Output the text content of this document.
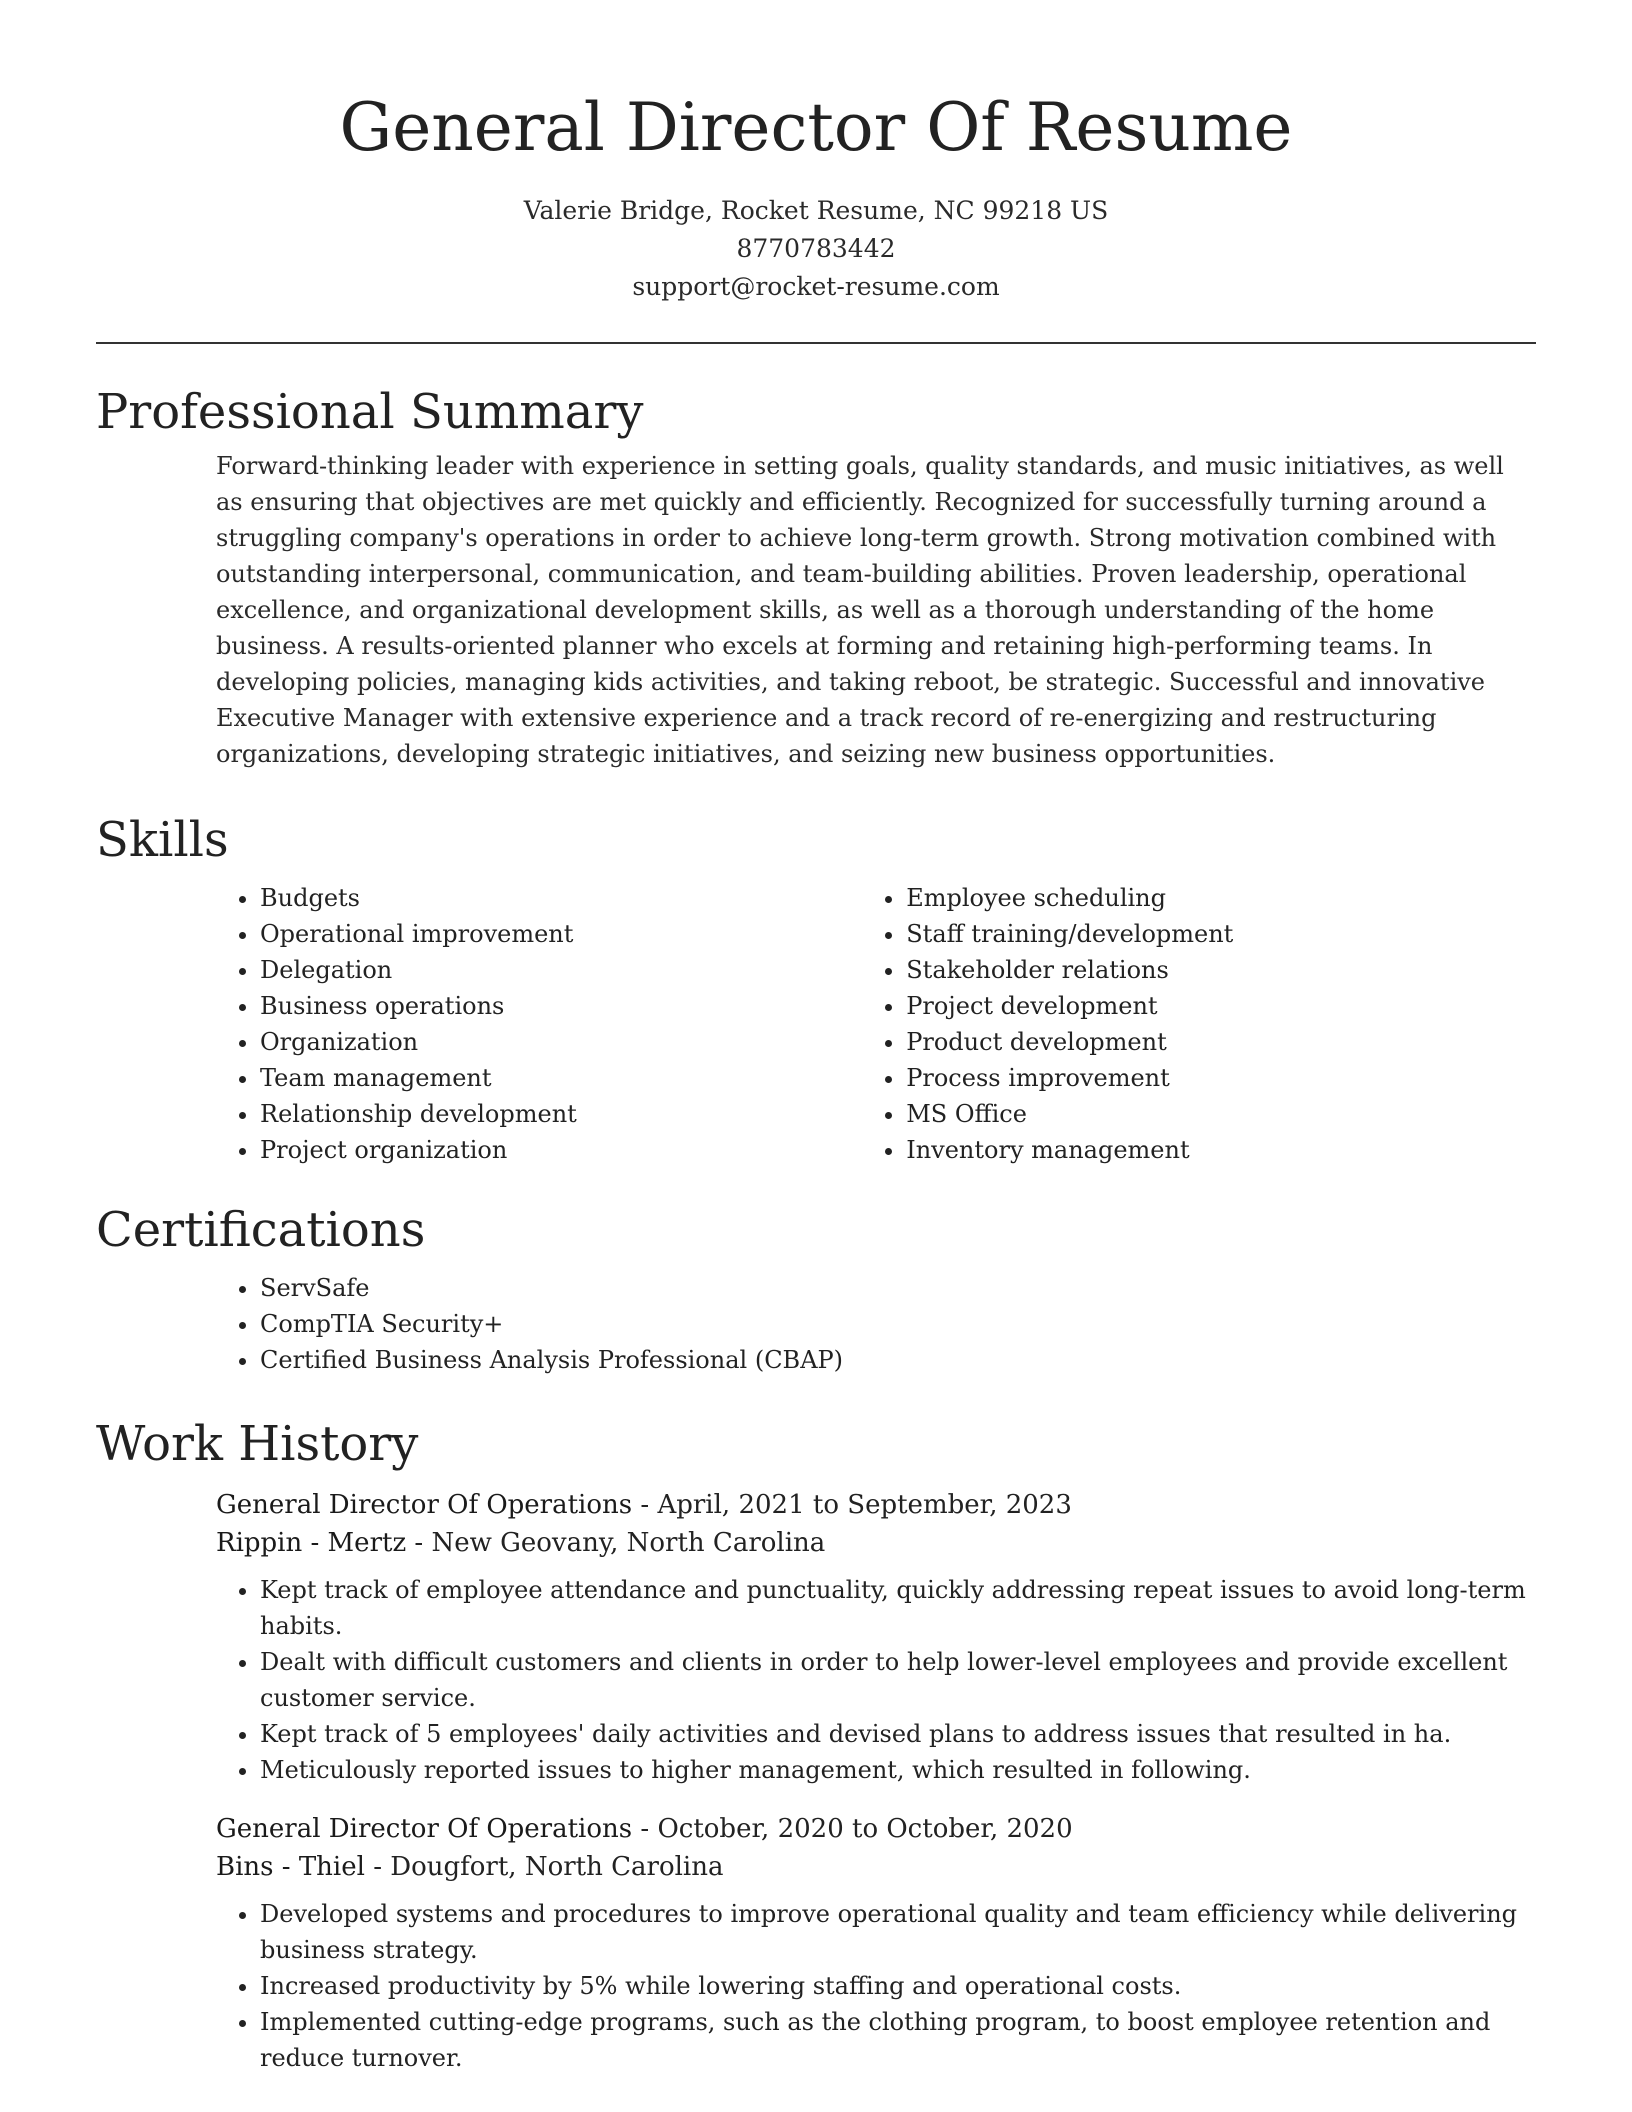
General Director Of Resume
Valerie Bridge, Rocket Resume, NC 99218 US
8770783442
support@rocket-resume.com
Professional Summary
Forward-thinking leader with experience in setting goals, quality standards, and music initiatives, as well as ensuring that objectives are met quickly and efficiently. Recognized for successfully turning around a struggling company's operations in order to achieve long-term growth. Strong motivation combined with outstanding interpersonal, communication, and team-building abilities. Proven leadership, operational excellence, and organizational development skills, as well as a thorough understanding of the home business. A results-oriented planner who excels at forming and retaining high-performing teams. In developing policies, managing kids activities, and taking reboot, be strategic. Successful and innovative Executive Manager with extensive experience and a track record of re-energizing and restructuring organizations, developing strategic initiatives, and seizing new business opportunities.
Skills
• Budgets
• Operational improvement
• Delegation
• Business operations
• Organization
• Team management
• Relationship development
• Project organization
• Employee scheduling
• Staff training/development
• Stakeholder relations
• Project development
• Product development
• Process improvement
• MS Office
• Inventory management
Certifications
• ServSafe
• CompTIA Security+
• Certified Business Analysis Professional (CBAP)
Work History
General Director Of Operations - April, 2021 to September, 2023
Rippin - Mertz - New Geovany, North Carolina
• Kept track of employee attendance and punctuality, quickly addressing repeat issues to avoid long-term habits.
• Dealt with difficult customers and clients in order to help lower-level employees and provide excellent customer service.
• Kept track of 5 employees' daily activities and devised plans to address issues that resulted in ha.
• Meticulously reported issues to higher management, which resulted in following.
General Director Of Operations - October, 2020 to October, 2020
Bins - Thiel - Dougfort, North Carolina
• Developed systems and procedures to improve operational quality and team efficiency while delivering business strategy.
• Increased productivity by 5% while lowering staffing and operational costs.
• Implemented cutting-edge programs, such as the clothing program, to boost employee retention and reduce turnover.
